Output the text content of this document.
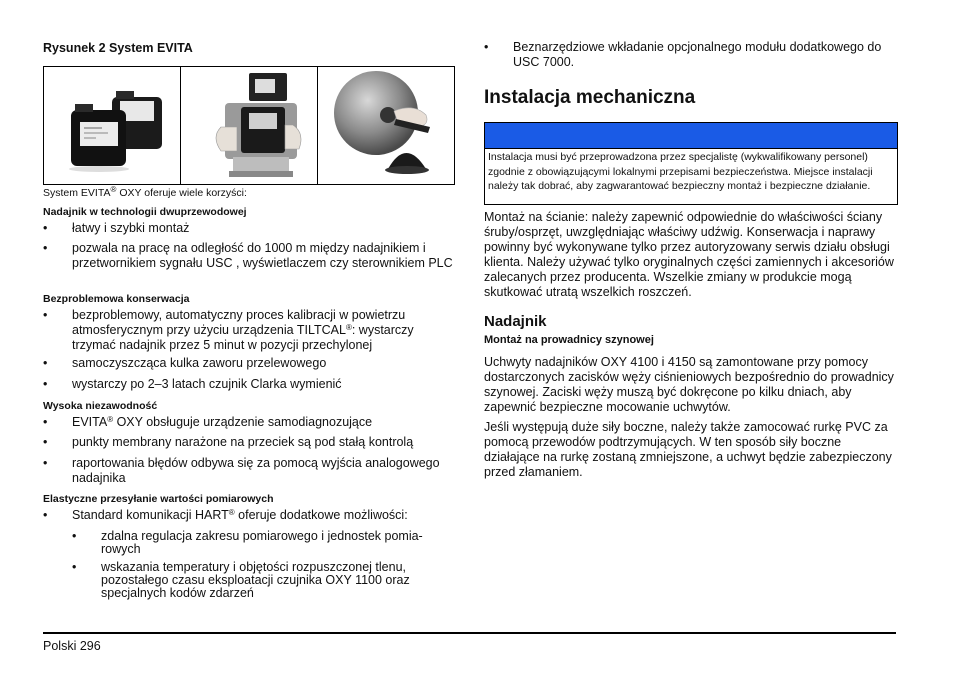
Rysunek 2 System EVITA
System EVITA® OXY oferuje wiele korzyści:
Nadajnik w technologii dwuprzewodowej
• łatwy i szybki montaż
• pozwala na pracę na odległość do 1000 m między nadajnikiem i przetwornikiem sygnału USC , wyświetlaczem czy sterownikiem PLC
Bezproblemowa konserwacja
• bezproblemowy, automatyczny proces kalibracji w powietrzu atmosferycznym przy użyciu urządzenia TILTCAL®: wystarczy trzymać nadajnik przez 5 minut w pozycji przechylonej
• samoczyszcząca kulka zaworu przelewowego
• wystarczy po 2–3 latach czujnik Clarka wymienić
Wysoka niezawodność
• EVITA® OXY obsługuje urządzenie samodiagnozujące
• punkty membrany narażone na przeciek są pod stałą kontrolą
• raportowania błędów odbywa się za pomocą wyjścia analogowego nadajnika
Elastyczne przesyłanie wartości pomiarowych
• Standard komunikacji HART® oferuje dodatkowe możliwości:
• zdalna regulacja zakresu pomiarowego i jednostek pomia-rowych
• wskazania temperatury i objętości rozpuszczonej tlenu, pozostałego czasu eksploatacji czujnika OXY 1100 oraz specjalnych kodów zdarzeń
• Beznarzędziowe wkładanie opcjonalnego modułu dodatkowego do USC 7000.
Instalacja mechaniczna
Instalacja musi być przeprowadzona przez specjalistę (wykwalifikowany personel) zgodnie z obowiązującymi lokalnymi przepisami bezpieczeństwa. Miejsce instalacji należy tak dobrać, aby zagwarantować bezpieczny montaż i bezpieczne działanie.
Montaż na ścianie: należy zapewnić odpowiednie do właściwości ściany śruby/osprzęt, uwzględniając właściwy udźwig. Konserwacja i naprawy powinny być wykonywane tylko przez autoryzowany serwis działu obsługi klienta. Należy używać tylko oryginalnych części zamiennych i akcesoriów zalecanych przez producenta. Wszelkie zmiany w produkcie mogą skutkować utratą wszelkich roszczeń.
Nadajnik
Montaż na prowadnicy szynowej
Uchwyty nadajników OXY 4100 i 4150 są zamontowane przy pomocy dostarczonych zacisków węży ciśnieniowych bezpośrednio do prowadnicy szynowej. Zaciski węży muszą być dokręcone po kilku dniach, aby zapewnić bezpieczne mocowanie uchwytów.
Jeśli występują duże siły boczne, należy także zamocować rurkę PVC za pomocą przewodów podtrzymujących. W ten sposób siły boczne działające na rurkę zostaną zmniejszone, a uchwyt będzie zabezpieczony przed złamaniem.
Polski 296
